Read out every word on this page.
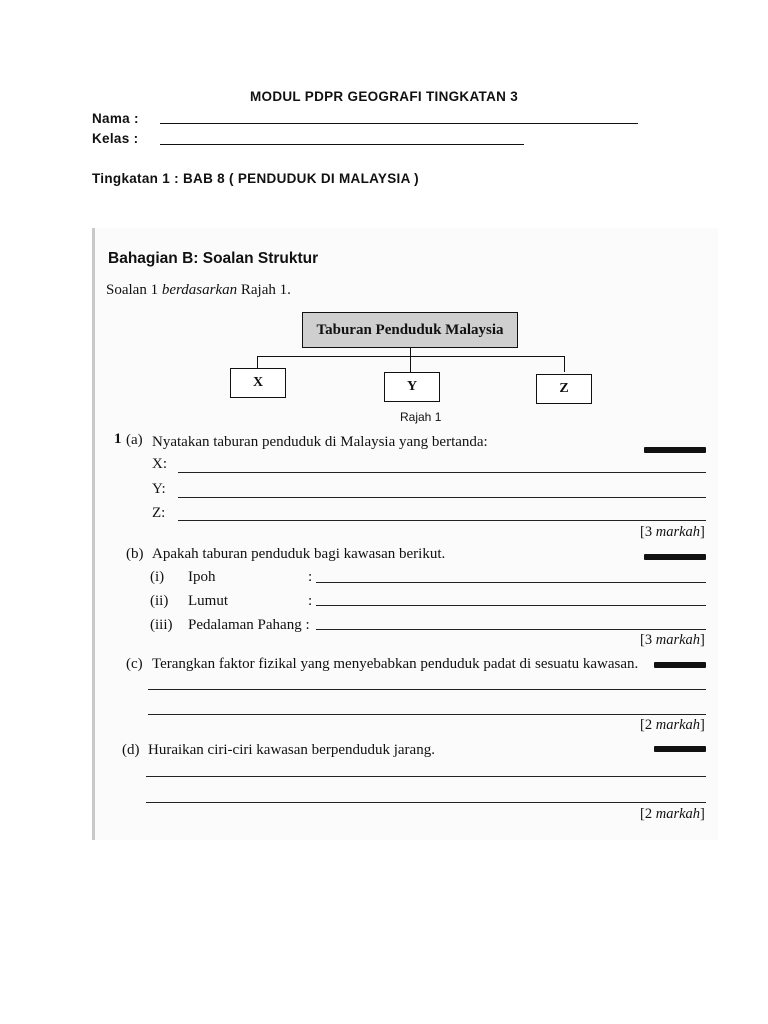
MODUL PDPR GEOGRAFI TINGKATAN 3
Nama :
Kelas :
Tingkatan 1 : BAB 8 ( PENDUDUK DI MALAYSIA )
Bahagian B: Soalan Struktur
Soalan 1 berdasarkan Rajah 1.
Taburan Penduduk Malaysia
X	Y	Z
Rajah 1
1 (a) Nyatakan taburan penduduk di Malaysia yang bertanda:
X:
Y:
Z:
[3 markah]
(b) Apakah taburan penduduk bagi kawasan berikut.
(i) Ipoh	:
(ii) Lumut	:
(iii) Pedalaman Pahang :
[3 markah]
(c) Terangkan faktor fizikal yang menyebabkan penduduk padat di sesuatu kawasan.
[2 markah]
(d) Huraikan ciri-ciri kawasan berpenduduk jarang.
[2 markah]
